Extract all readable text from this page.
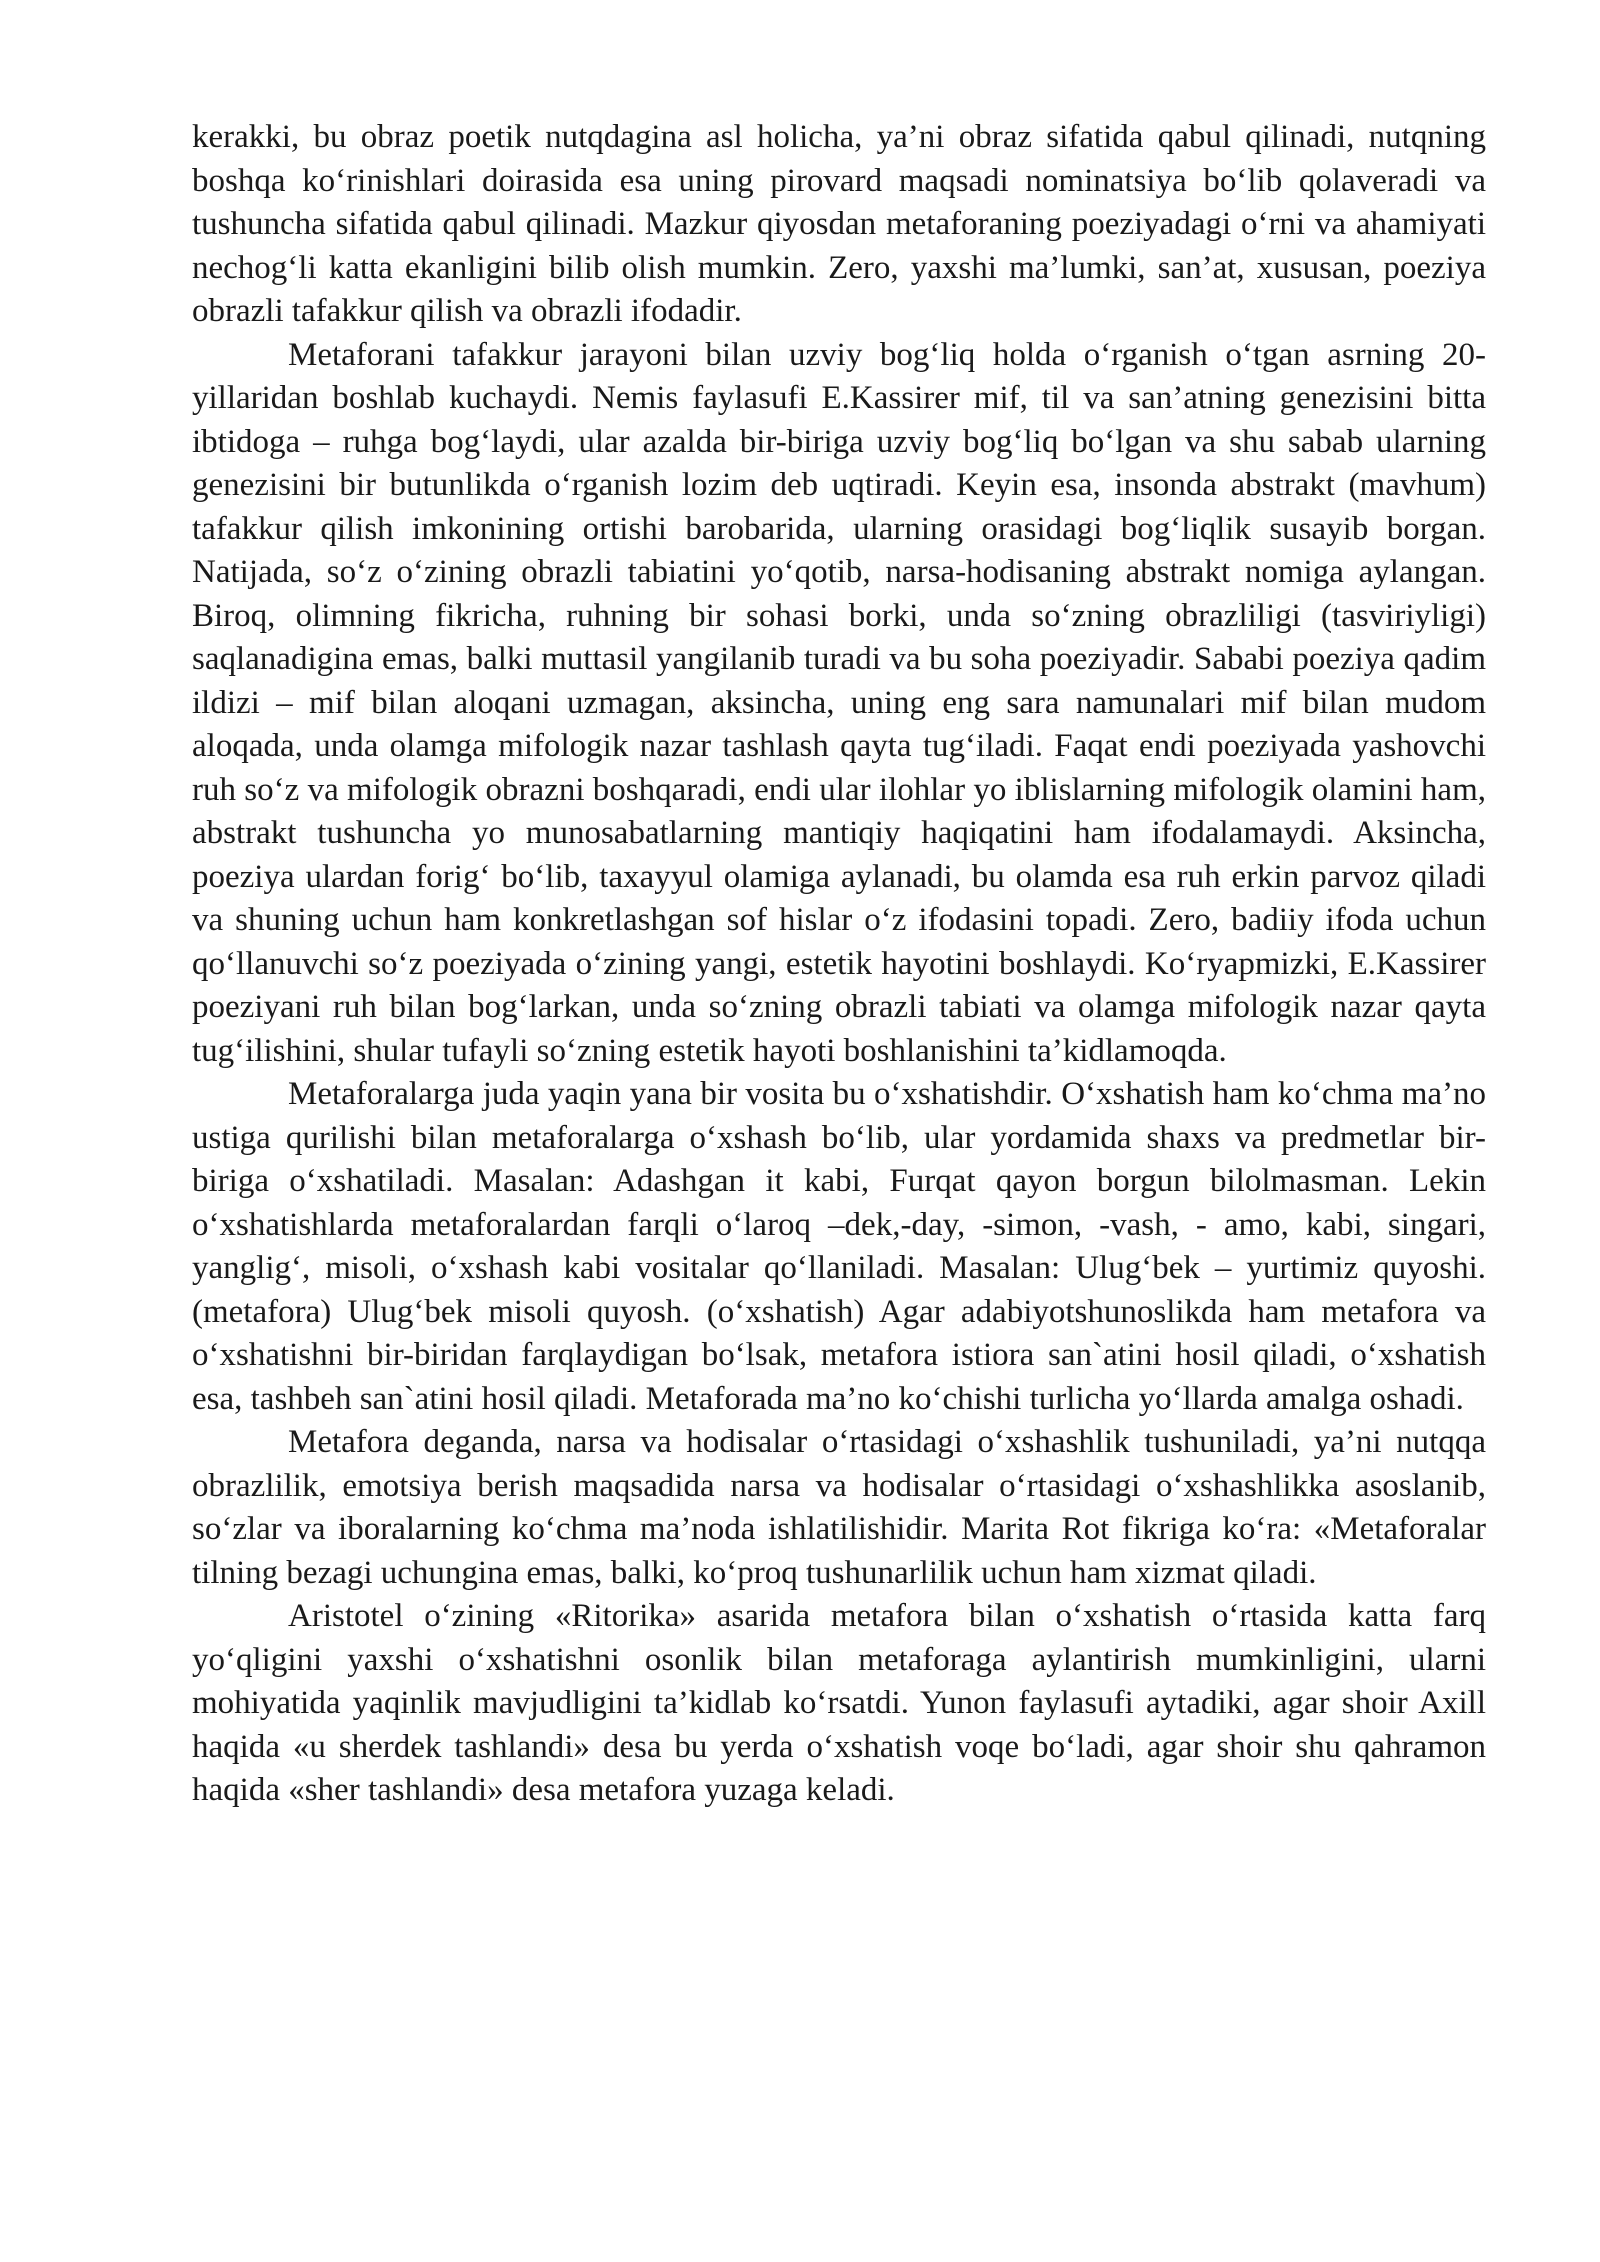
kerakki, bu obraz poetik nutqdagina asl holicha, ya’ni obraz sifatida qabul qilinadi, nutqning boshqa ko‘rinishlari doirasida esa uning pirovard maqsadi nominatsiya bo‘lib qolaveradi va tushuncha sifatida qabul qilinadi. Mazkur qiyosdan metaforaning poeziyadagi o‘rni va ahamiyati nechog‘li katta ekanligini bilib olish mumkin. Zero, yaxshi ma’lumki, san’at, xususan, poeziya obrazli tafakkur qilish va obrazli ifodadir.

Metaforani tafakkur jarayoni bilan uzviy bog‘liq holda o‘rganish o‘tgan asrning 20-yillaridan boshlab kuchaydi. Nemis faylasufi E.Kassirer mif, til va san’atning genezisini bitta ibtidoga – ruhga bog‘laydi, ular azalda bir-biriga uzviy bog‘liq bo‘lgan va shu sabab ularning genezisini bir butunlikda o‘rganish lozim deb uqtiradi. Keyin esa, insonda abstrakt (mavhum) tafakkur qilish imkonining ortishi barobarida, ularning orasidagi bog‘liqlik susayib borgan. Natijada, so‘z o‘zining obrazli tabiatini yo‘qotib, narsa-hodisaning abstrakt nomiga aylangan. Biroq, olimning fikricha, ruhning bir sohasi borki, unda so‘zning obrazliligi (tasviriyligi) saqlanadigina emas, balki muttasil yangilanib turadi va bu soha poeziyadir. Sababi poeziya qadim ildizi – mif bilan aloqani uzmagan, aksincha, uning eng sara namunalari mif bilan mudom aloqada, unda olamga mifologik nazar tashlash qayta tug‘iladi. Faqat endi poeziyada yashovchi ruh so‘z va mifologik obrazni boshqaradi, endi ular ilohlar yo iblislarning mifologik olamini ham, abstrakt tushuncha yo munosabatlarning mantiqiy haqiqatini ham ifodalamaydi. Aksincha, poeziya ulardan forig‘ bo‘lib, taxayyul olamiga aylanadi, bu olamda esa ruh erkin parvoz qiladi va shuning uchun ham konkretlashgan sof hislar o‘z ifodasini topadi. Zero, badiiy ifoda uchun qo‘llanuvchi so‘z poeziyada o‘zining yangi, estetik hayotini boshlaydi. Ko‘ryapmizki, E.Kassirer poeziyani ruh bilan bog‘larkan, unda so‘zning obrazli tabiati va olamga mifologik nazar qayta tug‘ilishini, shular tufayli so‘zning estetik hayoti boshlanishini ta’kidlamoqda.

Metaforalarga juda yaqin yana bir vosita bu o‘xshatishdir. O‘xshatish ham ko‘chma ma’no ustiga qurilishi bilan metaforalarga o‘xshash bo‘lib, ular yordamida shaxs va predmetlar bir-biriga o‘xshatiladi. Masalan: Adashgan it kabi, Furqat qayon borgun bilolmasman. Lekin o‘xshatishlarda metaforalardan farqli o‘laroq –dek,-day, -simon, -vash, - amo, kabi, singari, yanglig‘, misoli, o‘xshash kabi vositalar qo‘llaniladi. Masalan: Ulug‘bek – yurtimiz quyoshi. (metafora) Ulug‘bek misoli quyosh. (o‘xshatish) Agar adabiyotshunoslikda ham metafora va o‘xshatishni bir-biridan farqlaydigan bo‘lsak, metafora istiora san`atini hosil qiladi, o‘xshatish esa, tashbeh san`atini hosil qiladi. Metaforada ma’no ko‘chishi turlicha yo‘llarda amalga oshadi.

Metafora deganda, narsa va hodisalar o‘rtasidagi o‘xshashlik tushuniladi, ya’ni nutqqa obrazlilik, emotsiya berish maqsadida narsa va hodisalar o‘rtasidagi o‘xshashlikka asoslanib, so‘zlar va iboralarning ko‘chma ma’noda ishlatilishidir. Marita Rot fikriga ko‘ra: «Metaforalar tilning bezagi uchungina emas, balki, ko‘proq tushunarlilik uchun ham xizmat qiladi.

Aristotel o‘zining «Ritorika» asarida metafora bilan o‘xshatish o‘rtasida katta farq yo‘qligini yaxshi o‘xshatishni osonlik bilan metaforaga aylantirish mumkinligini, ularni mohiyatida yaqinlik mavjudligini ta’kidlab ko‘rsatdi. Yunon faylasufi aytadiki, agar shoir Axill haqida «u sherdek tashlandi» desa bu yerda o‘xshatish voqe bo‘ladi, agar shoir shu qahramon haqida «sher tashlandi» desa metafora yuzaga keladi.
